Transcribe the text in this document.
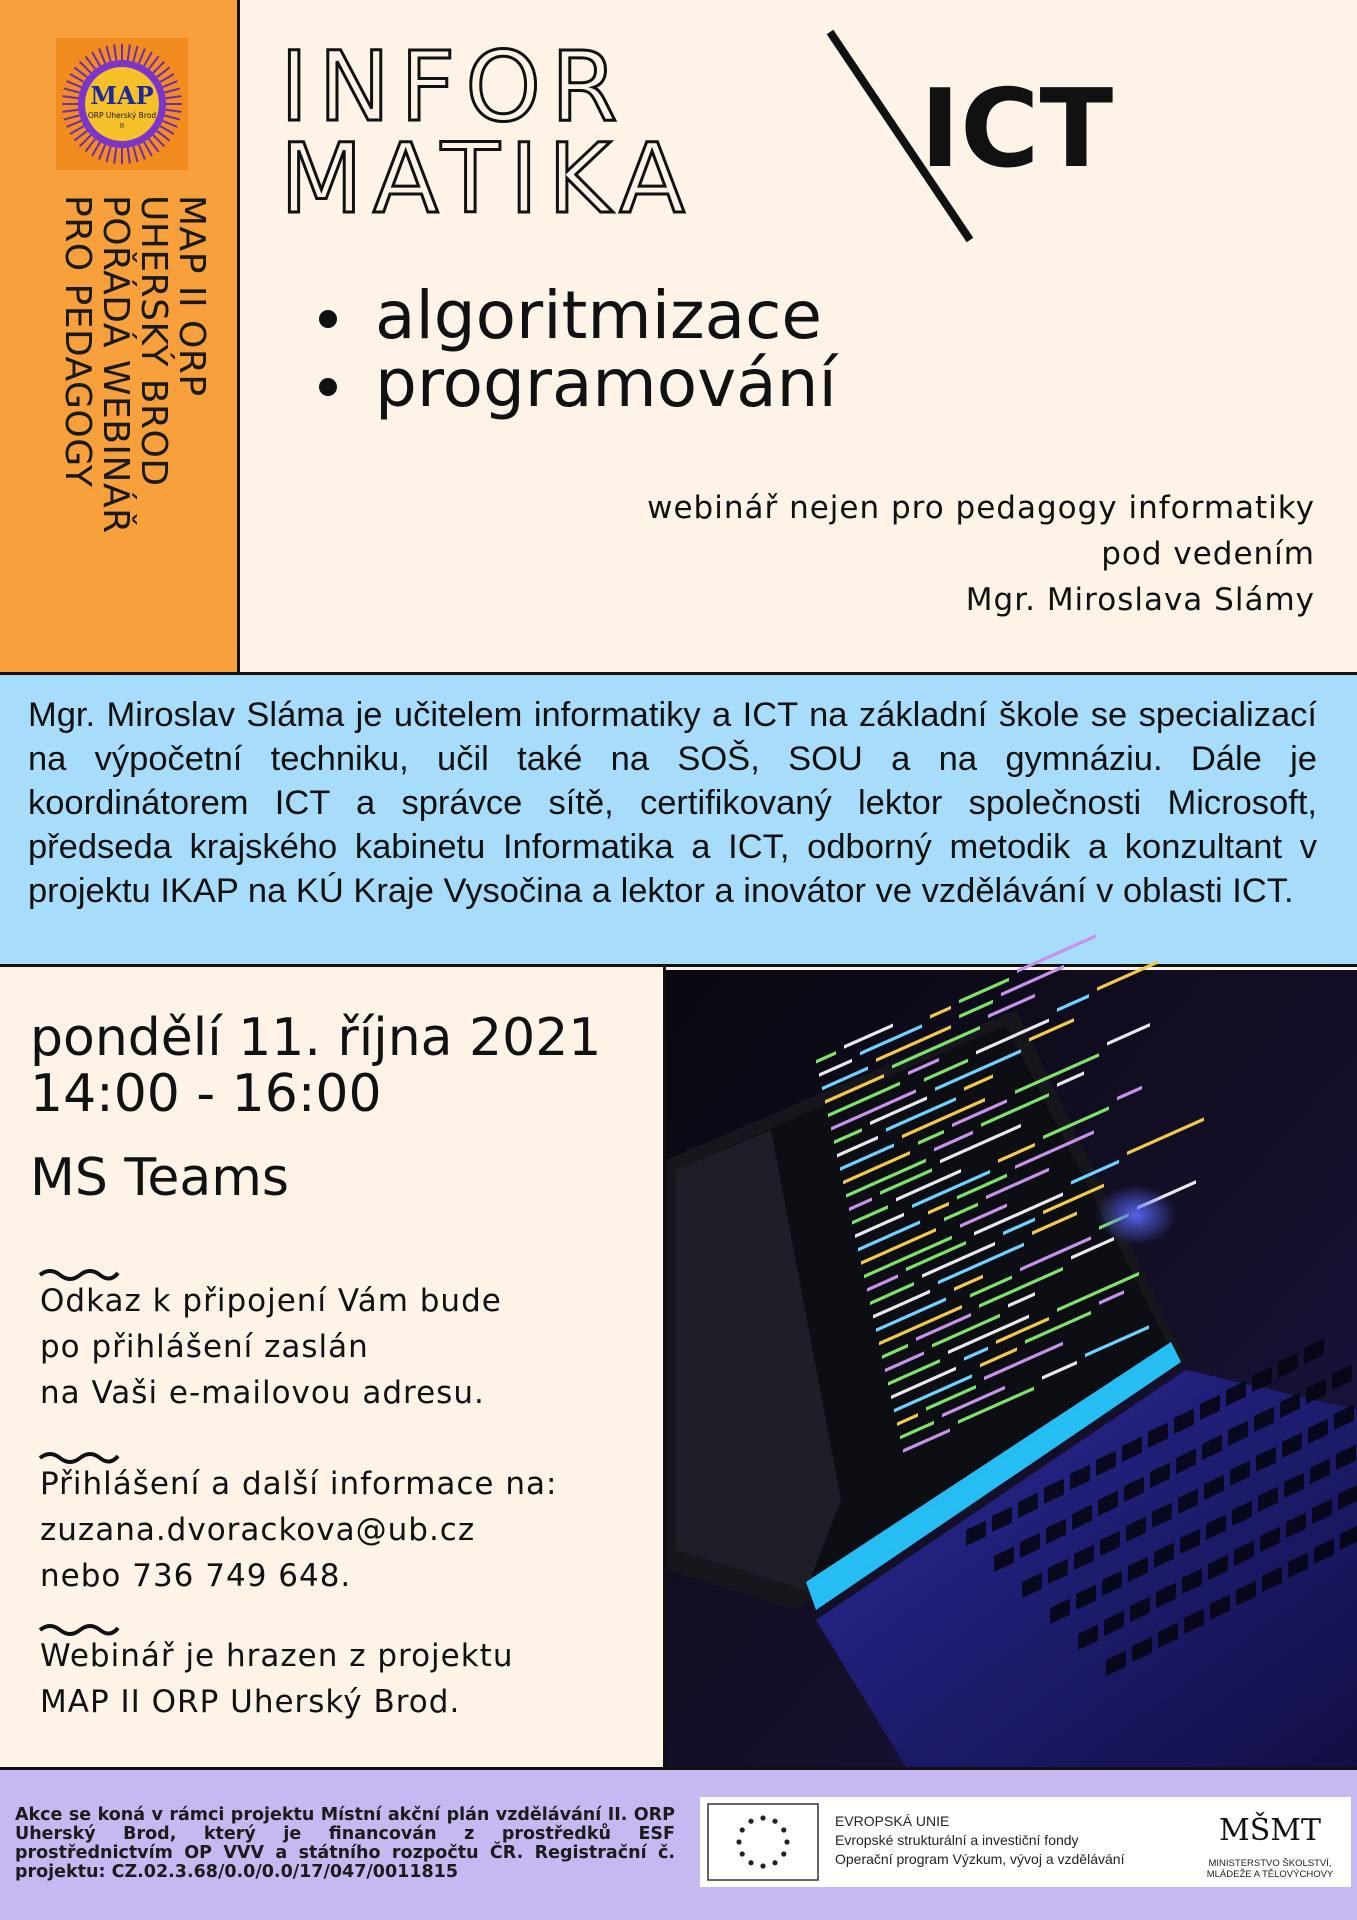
MAP
ORP Uherský Brod
II
MAP II ORP
UHERSKÝ BROD
POŘÁDÁ WEBINÁŘ
PRO PEDAGOGY
INFOR
MATIKA ICT
algoritmizace
programování
webinář nejen pro pedagogy informatiky
pod vedením
Mgr. Miroslava Slámy
Mgr. Miroslav Sláma je učitelem informatiky a ICT na základní škole se specializací na výpočetní techniku, učil také na SOŠ, SOU a na gymnáziu. Dále je koordinátorem ICT a správce sítě, certifikovaný lektor společnosti Microsoft, předseda krajského kabinetu Informatika a ICT, odborný metodik a konzultant v projektu IKAP na KÚ Kraje Vysočina a lektor a inovátor ve vzdělávání v oblasti ICT.
pondělí 11. října 2021
14:00 - 16:00
MS Teams
Odkaz k připojení Vám bude
po přihlášení zaslán
na Vaši e-mailovou adresu.
Přihlášení a další informace na:
zuzana.dvorackova@ub.cz
nebo 736 749 648.
Webinář je hrazen z projektu
MAP II ORP Uherský Brod.
Akce se koná v rámci projektu Místní akční plán vzdělávání II. ORP Uherský Brod, který je financován z prostředků ESF prostřednictvím OP VVV a státního rozpočtu ČR. Registrační č. projektu: CZ.02.3.68/0.0/0.0/17/047/0011815
EVROPSKÁ UNIE
Evropské strukturální a investiční fondy
Operační program Výzkum, vývoj a vzdělávání
MŠMT
MINISTERSTVO ŠKOLSTVÍ,
MLÁDEŽE A TĚLOVÝCHOVY
